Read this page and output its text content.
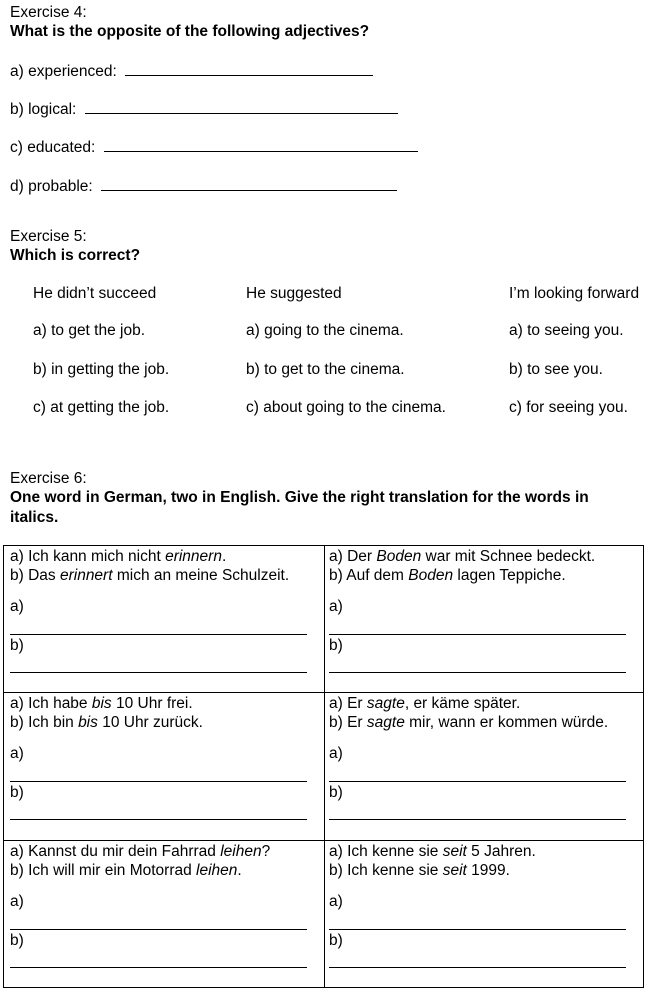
Exercise 4:
What is the opposite of the following adjectives?
a) experienced:
b) logical:
c) educated:
d) probable:
Exercise 5:
Which is correct?
He didn’t succeed	He suggested	I’m looking forward
a) to get the job.	a) going to the cinema.	a) to seeing you.
b) in getting the job.	b) to get to the cinema.	b) to see you.
c) at getting the job.	c) about going to the cinema.	c) for seeing you.
Exercise 6:
One word in German, two in English. Give the right translation for the words in
italics.
a) Ich kann mich nicht erinnern.
b) Das erinnert mich an meine Schulzeit.
a)
b)
a) Der Boden war mit Schnee bedeckt.
b) Auf dem Boden lagen Teppiche.
a)
b)
a) Ich habe bis 10 Uhr frei.
b) Ich bin bis 10 Uhr zurück.
a)
b)
a) Er sagte, er käme später.
b) Er sagte mir, wann er kommen würde.
a)
b)
a) Kannst du mir dein Fahrrad leihen?
b) Ich will mir ein Motorrad leihen.
a)
b)
a) Ich kenne sie seit 5 Jahren.
b) Ich kenne sie seit 1999.
a)
b)
